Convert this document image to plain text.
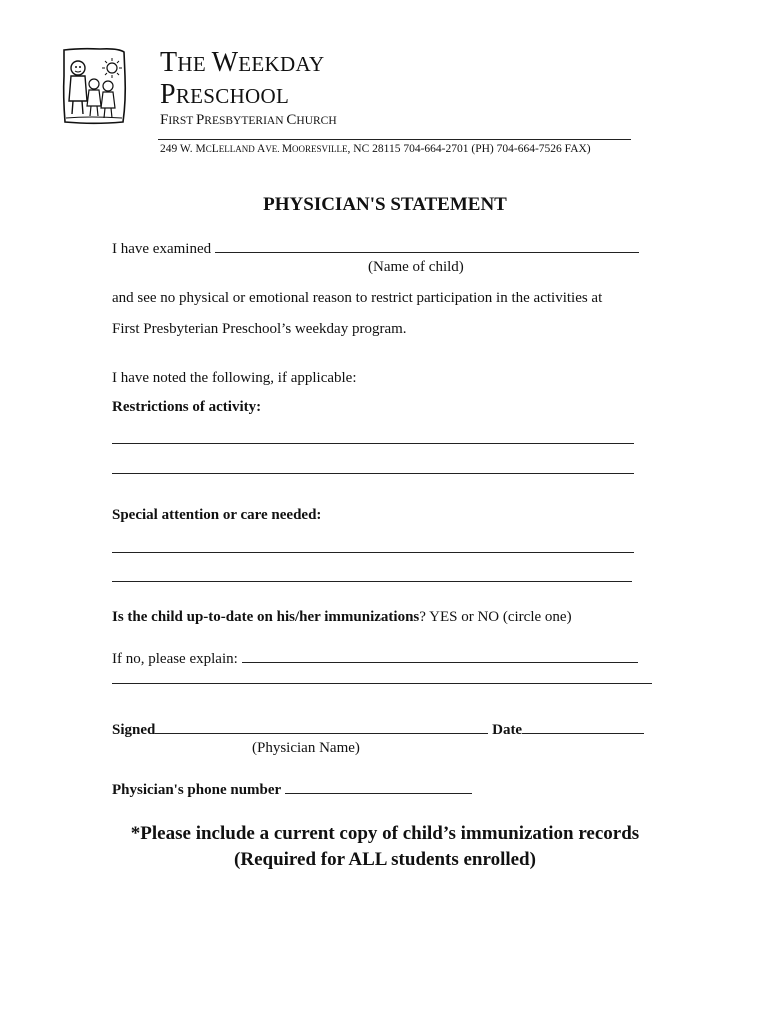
THE WEEKDAY
PRESCHOOL
FIRST PRESBYTERIAN CHURCH
249 W. MCLELLAND AVE. MOORESVILLE, NC 28115 704-664-2701 (PH) 704-664-7526 FAX)
PHYSICIAN'S STATEMENT
I have examined
(Name of child)
and see no physical or emotional reason to restrict participation in the activities at
First Presbyterian Preschool’s weekday program.
I have noted the following, if applicable:
Restrictions of activity:
Special attention or care needed:
Is the child up-to-date on his/her immunizations? YES or NO (circle one)
If no, please explain:
Signed	Date
(Physician Name)
Physician's phone number
*Please include a current copy of child’s immunization records
(Required for ALL students enrolled)
